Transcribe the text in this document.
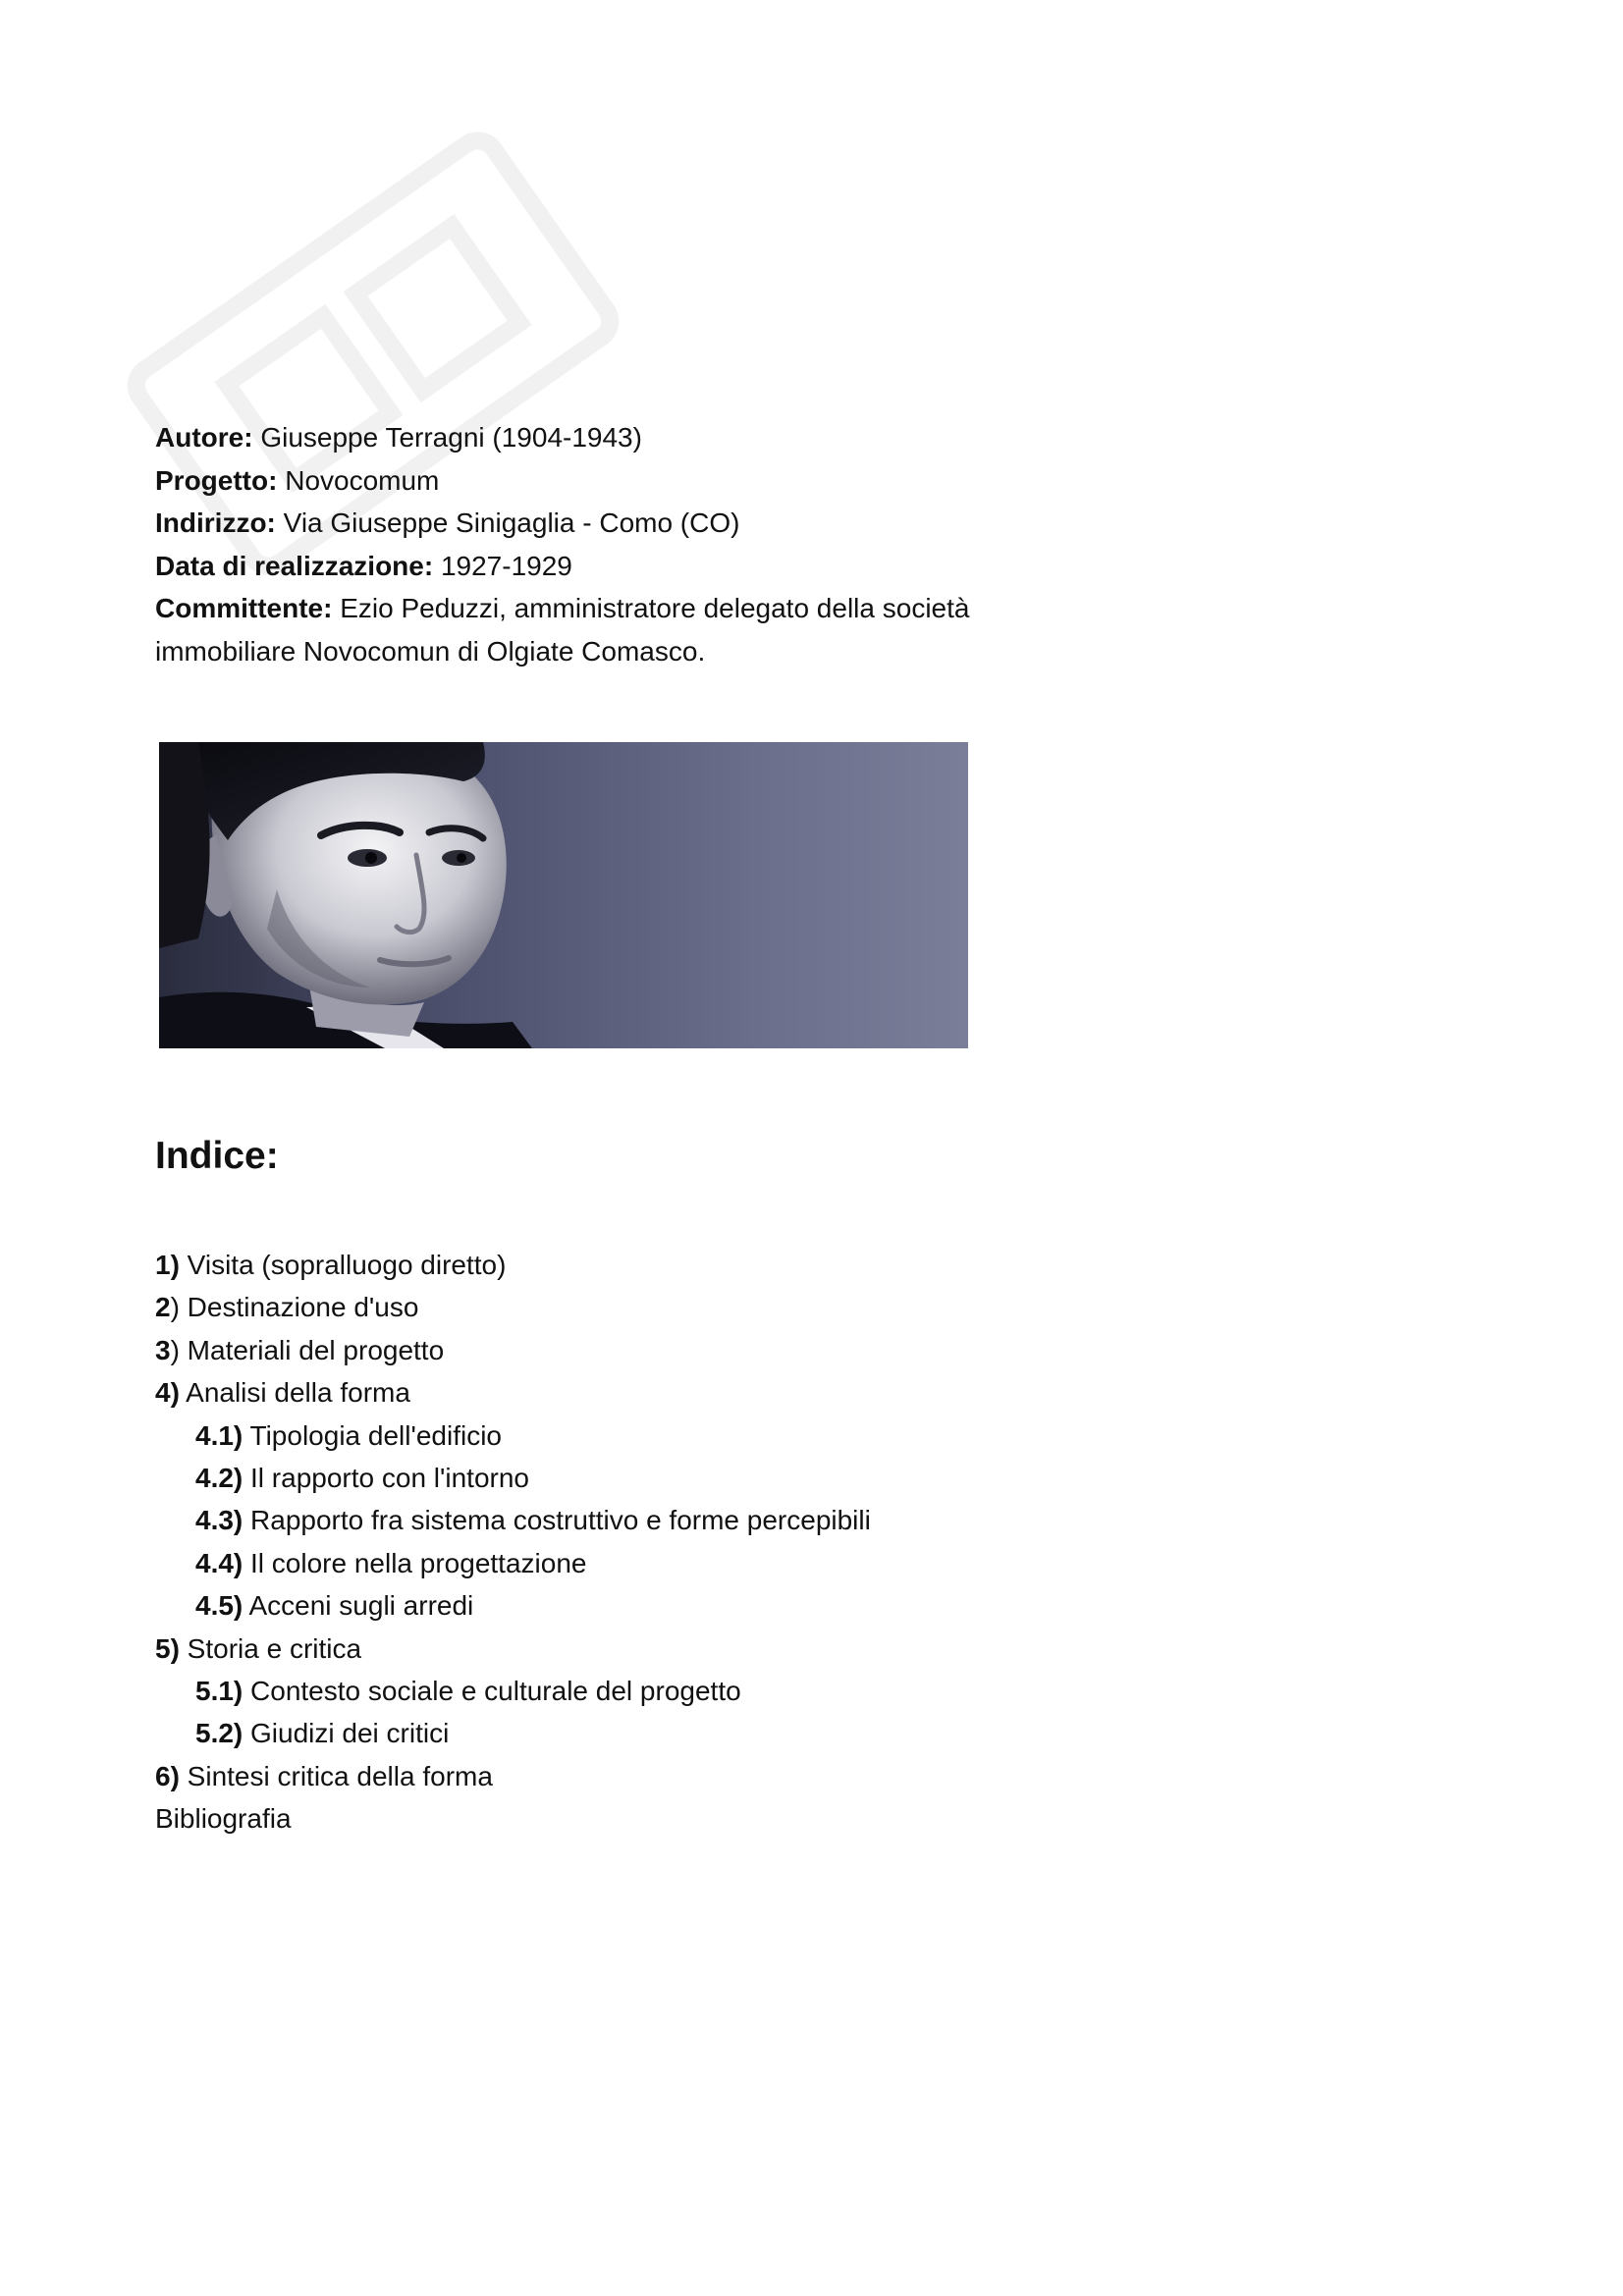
Autore: Giuseppe Terragni (1904-1943)
Progetto: Novocomum
Indirizzo: Via Giuseppe Sinigaglia - Como (CO)
Data di realizzazione: 1927-1929
Committente: Ezio Peduzzi, amministratore delegato della società
immobiliare Novocomun di Olgiate Comasco.
Indice:
1) Visita (sopralluogo diretto)
2) Destinazione d'uso
3) Materiali del progetto
4) Analisi della forma
4.1) Tipologia dell'edificio
4.2) Il rapporto con l'intorno
4.3) Rapporto fra sistema costruttivo e forme percepibili
4.4) Il colore nella progettazione
4.5) Acceni sugli arredi
5) Storia e critica
5.1) Contesto sociale e culturale del progetto
5.2) Giudizi dei critici
6) Sintesi critica della forma
Bibliografia
